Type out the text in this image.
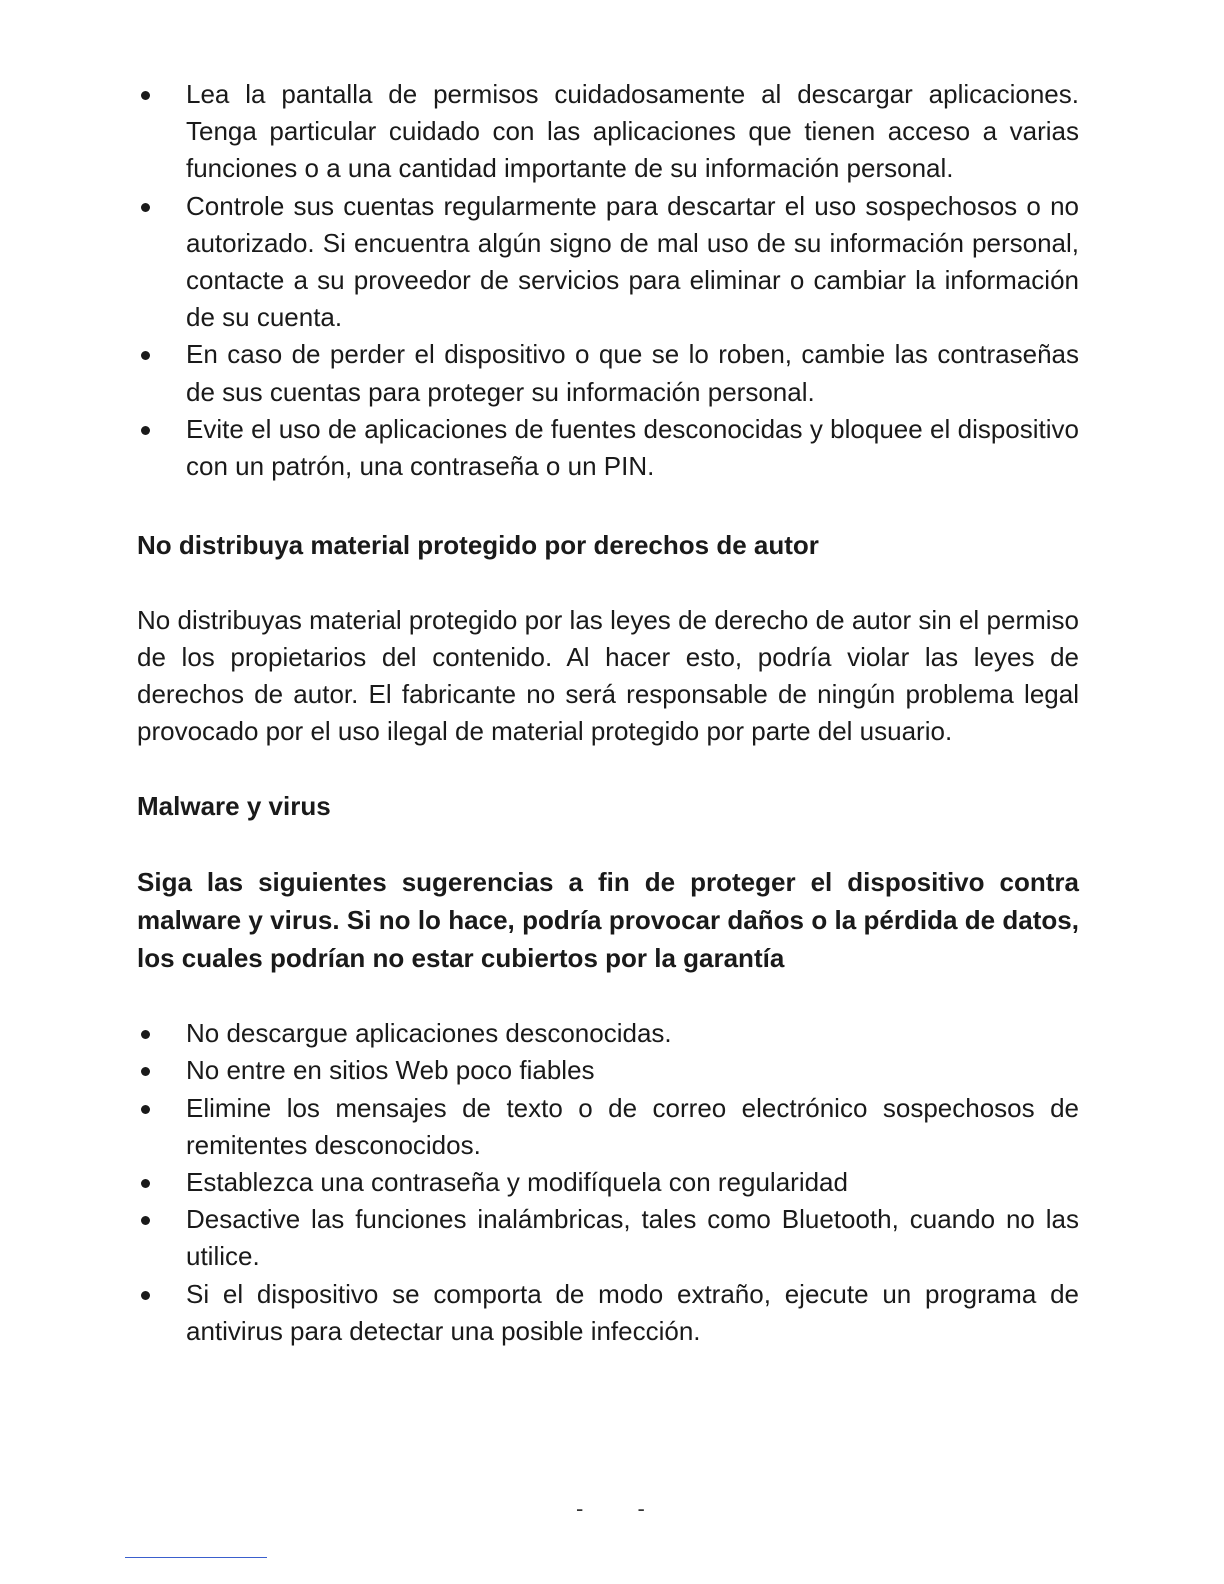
Lea la pantalla de permisos cuidadosamente al descargar aplicaciones. Tenga particular cuidado con las aplicaciones que tienen acceso a varias funciones o a una cantidad importante de su información personal.
Controle sus cuentas regularmente para descartar el uso sospechosos o no autorizado. Si encuentra algún signo de mal uso de su información personal, contacte a su proveedor de servicios para eliminar o cambiar la información de su cuenta.
En caso de perder el dispositivo o que se lo roben, cambie las contraseñas de sus cuentas para proteger su información personal.
Evite el uso de aplicaciones de fuentes desconocidas y bloquee el dispositivo con un patrón, una contraseña o un PIN.
No distribuya material protegido por derechos de autor

No distribuyas material protegido por las leyes de derecho de autor sin el permiso de los propietarios del contenido. Al hacer esto, podría violar las leyes de derechos de autor. El fabricante no será responsable de ningún problema legal provocado por el uso ilegal de material protegido por parte del usuario.

Malware y virus

Siga las siguientes sugerencias a fin de proteger el dispositivo contra malware y virus. Si no lo hace, podría provocar daños o la pérdida de datos, los cuales podrían no estar cubiertos por la garantía

No descargue aplicaciones desconocidas.
No entre en sitios Web poco fiables
Elimine los mensajes de texto o de correo electrónico sospechosos de remitentes desconocidos.
Establezca una contraseña y modifíquela con regularidad
Desactive las funciones inalámbricas, tales como Bluetooth, cuando no las utilice.
Si el dispositivo se comporta de modo extraño, ejecute un programa de antivirus para detectar una posible infección.
- -
